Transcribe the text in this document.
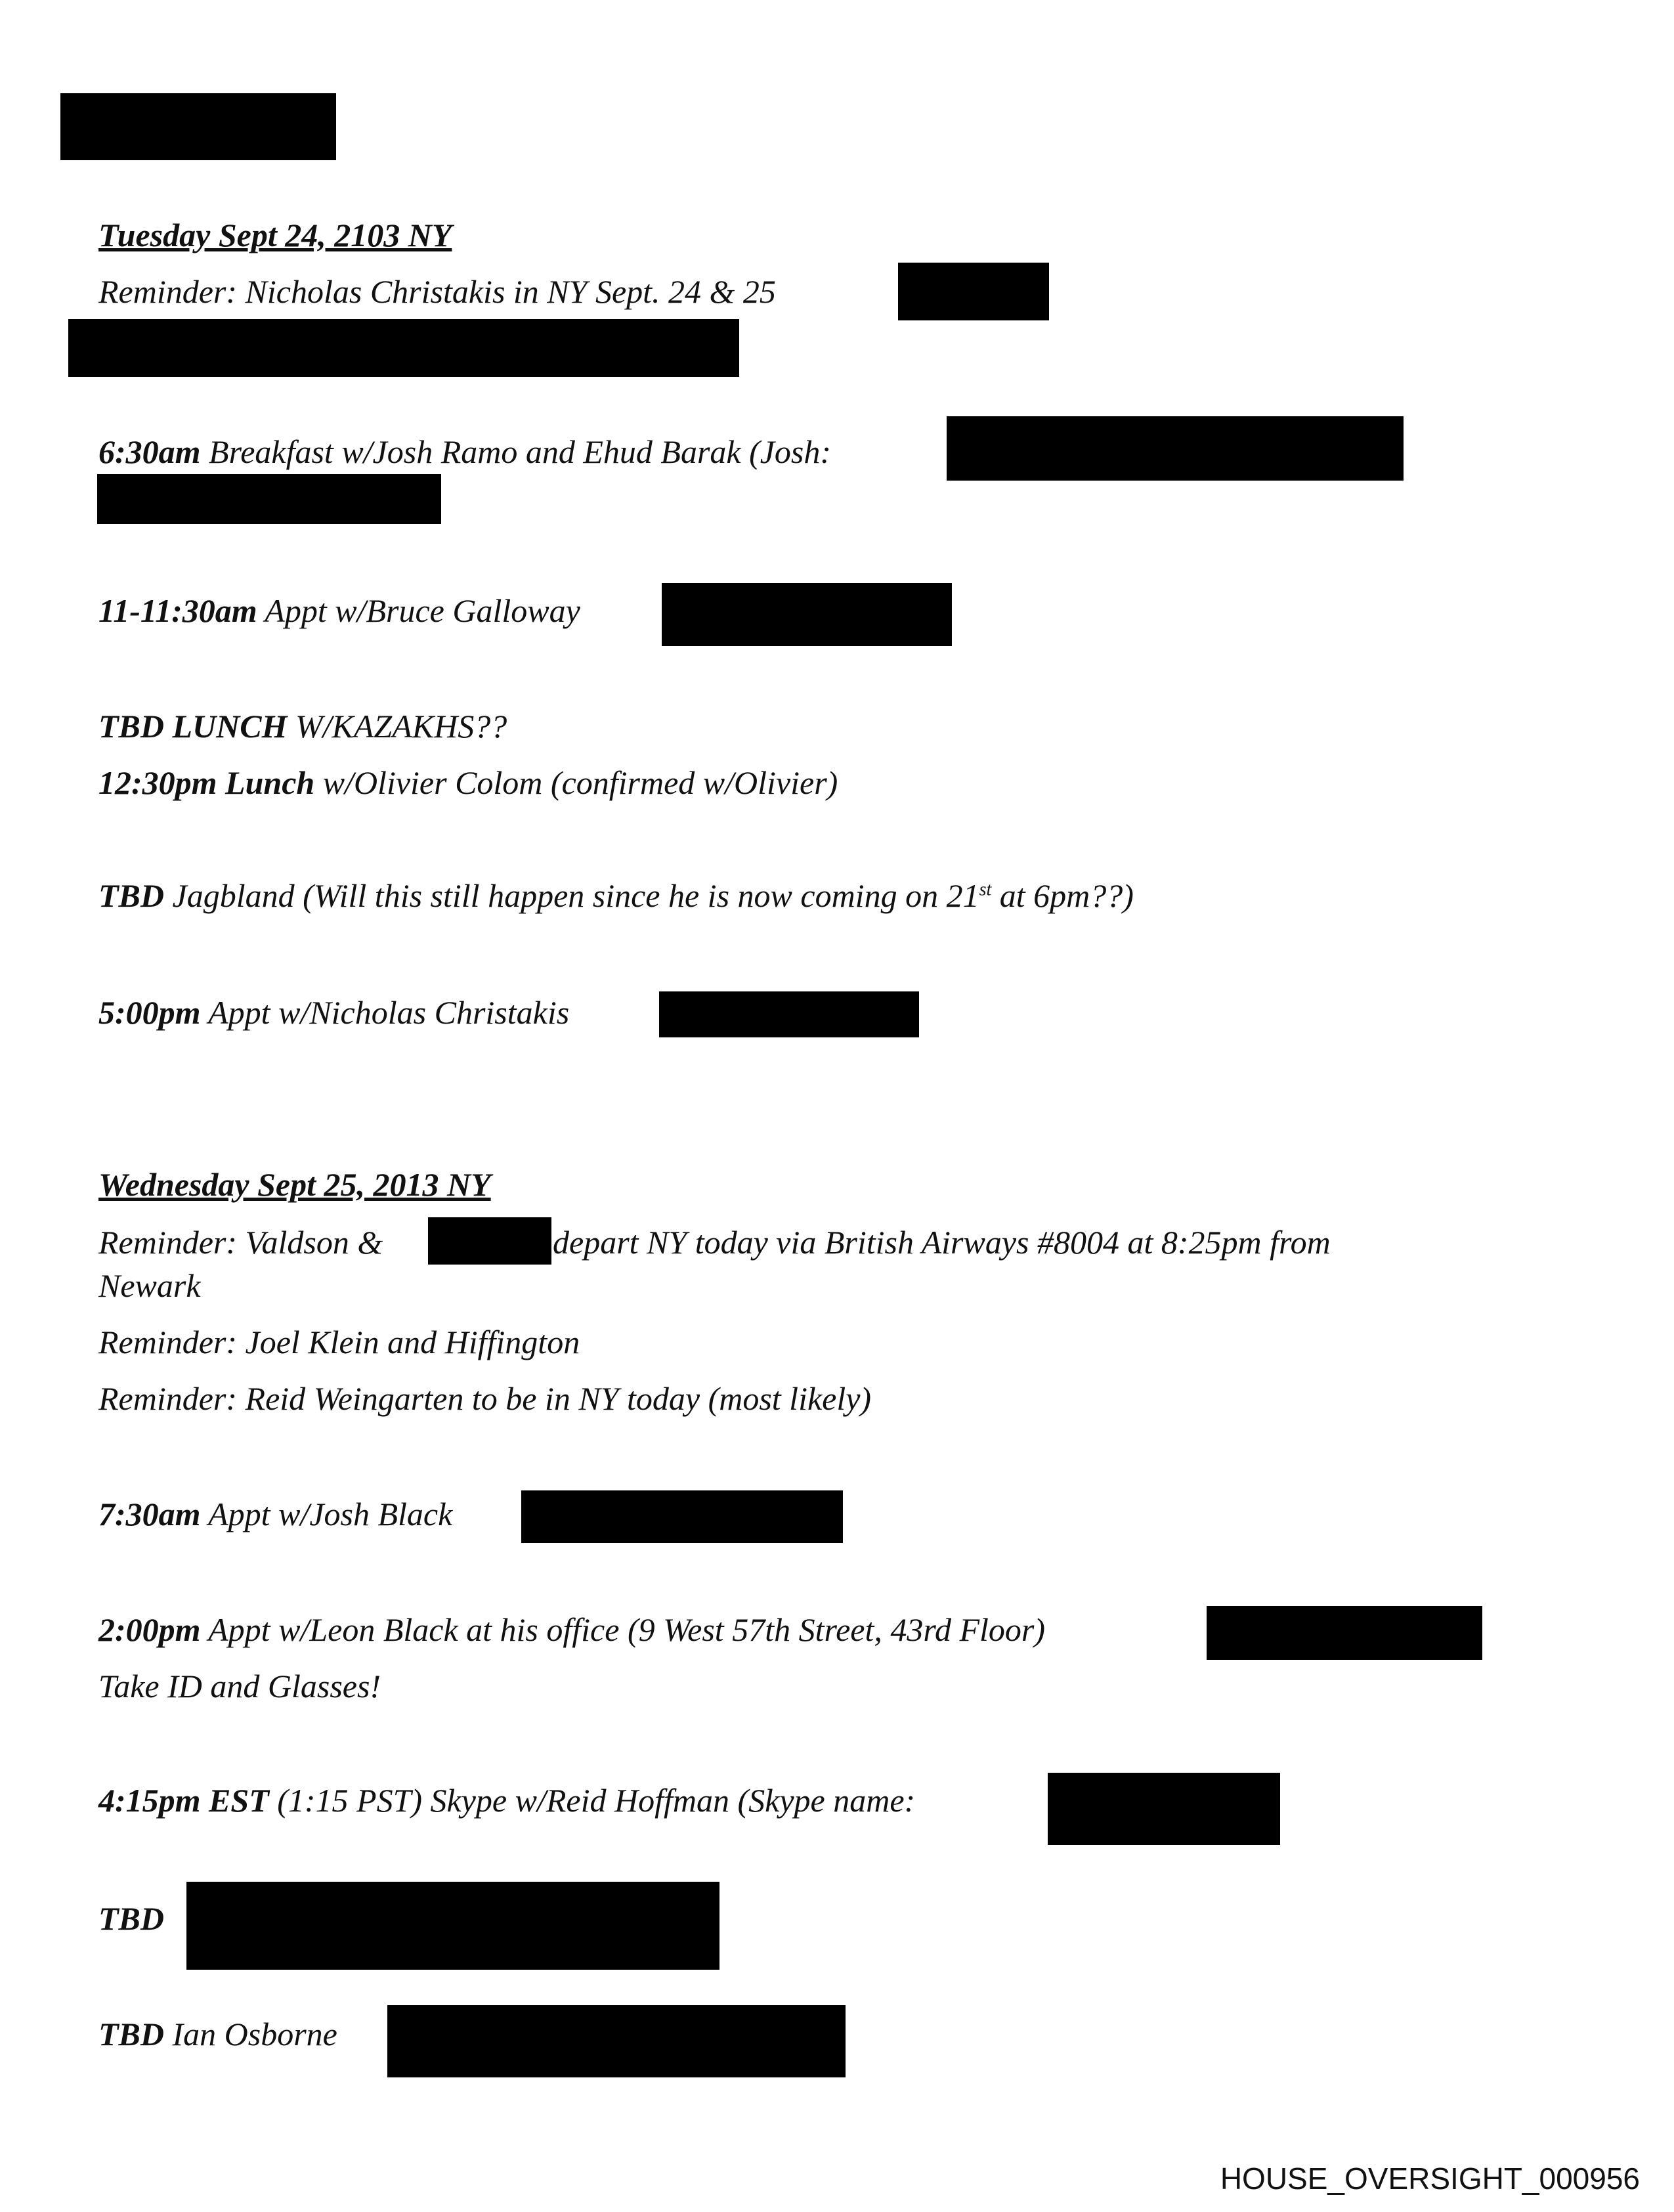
Tuesday Sept 24, 2103 NY
Reminder: Nicholas Christakis in NY Sept. 24 & 25
6:30am Breakfast w/Josh Ramo and Ehud Barak (Josh:
11-11:30am Appt w/Bruce Galloway
TBD LUNCH W/KAZAKHS??
12:30pm Lunch w/Olivier Colom (confirmed w/Olivier)
TBD Jagbland (Will this still happen since he is now coming on 21st at 6pm??)
5:00pm Appt w/Nicholas Christakis
Wednesday Sept 25, 2013 NY
Reminder: Valdson &	depart NY today via British Airways #8004 at 8:25pm from
Newark
Reminder: Joel Klein and Hiffington
Reminder: Reid Weingarten to be in NY today (most likely)
7:30am Appt w/Josh Black
2:00pm Appt w/Leon Black at his office (9 West 57th Street, 43rd Floor)
Take ID and Glasses!
4:15pm EST (1:15 PST) Skype w/Reid Hoffman (Skype name:
TBD
TBD Ian Osborne
HOUSE_OVERSIGHT_000956
